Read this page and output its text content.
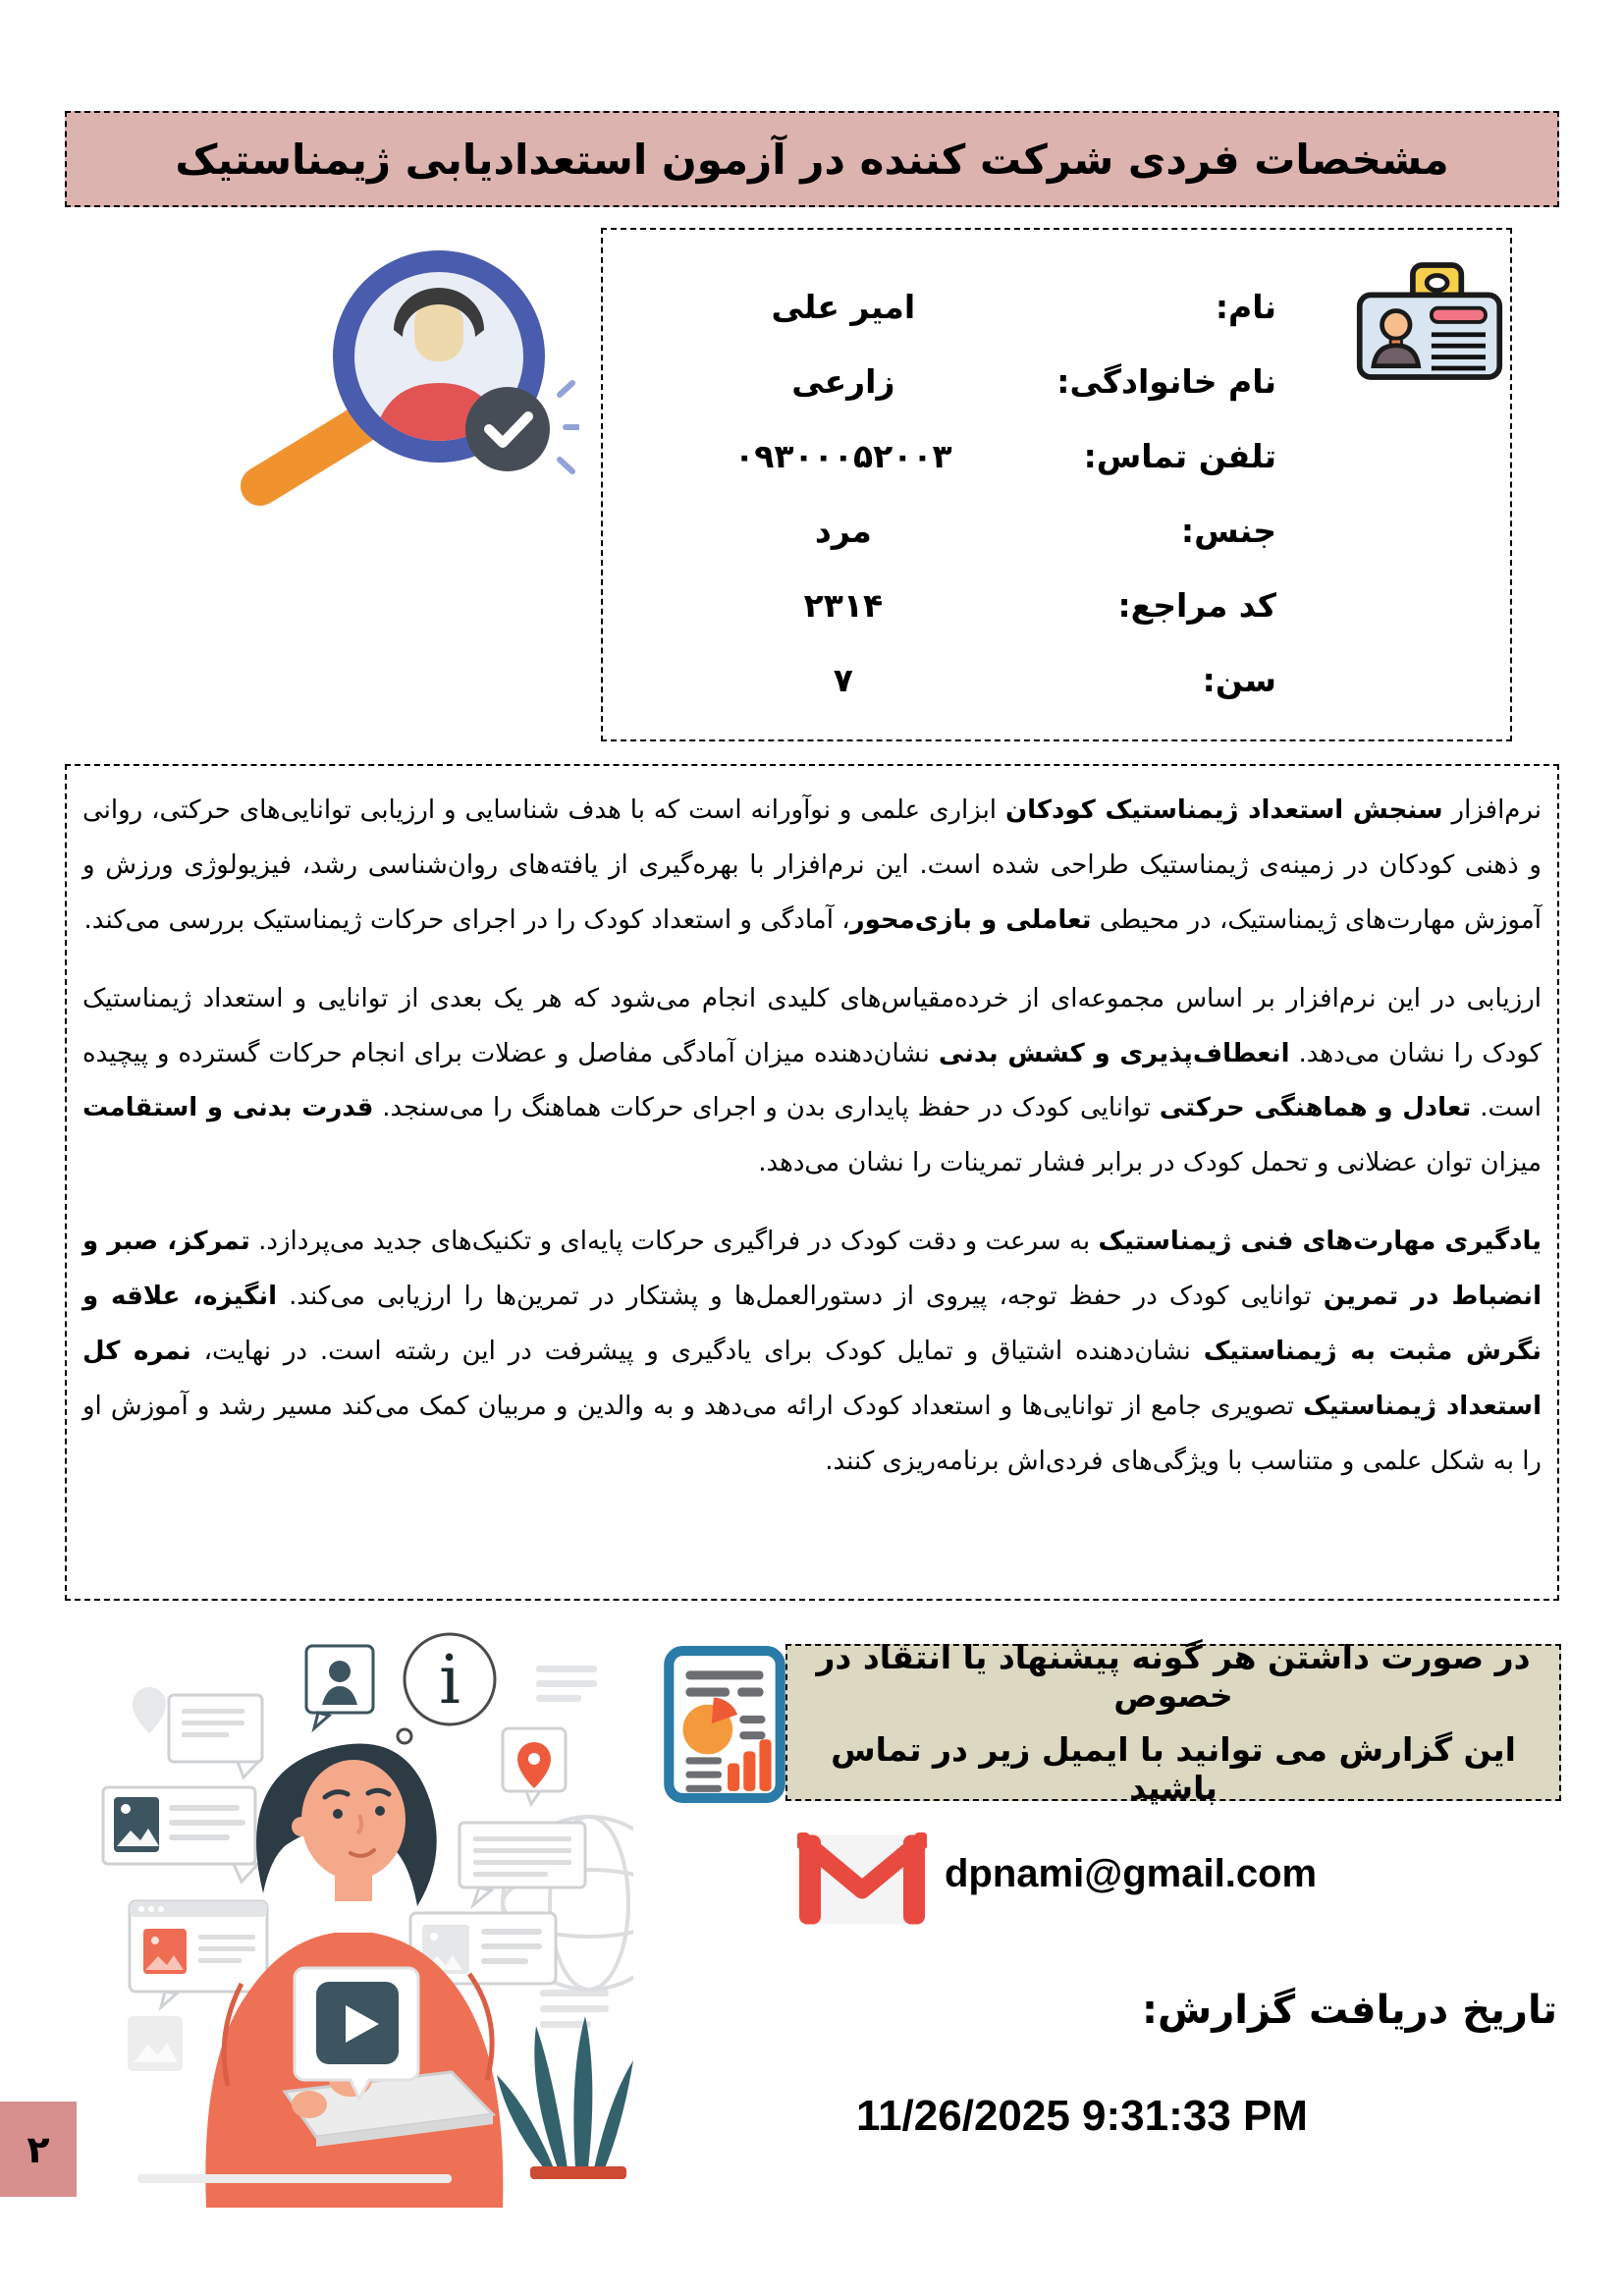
مشخصات فردی شرکت کننده در آزمون استعدادیابی ژیمناستیک
نام:
امیر علی
نام خانوادگی:
زارعی
تلفن تماس:
۰۹۳۰۰۰۵۲۰۰۳
جنس:
مرد
کد مراجع:
۲۳۱۴
سن:
۷

نرم‌افزار سنجش استعداد ژیمناستیک کودکان ابزاری علمی و نوآورانه است که با هدف شناسایی و ارزیابی توانایی‌های حرکتی، روانی و ذهنی کودکان در زمینه‌ی ژیمناستیک طراحی شده است. این نرم‌افزار با بهره‌گیری از یافته‌های روان‌شناسی رشد، فیزیولوژی ورزش و آموزش مهارت‌های ژیمناستیک، در محیطی تعاملی و بازی‌محور، آمادگی و استعداد کودک را در اجرای حرکات ژیمناستیک بررسی می‌کند.

ارزیابی در این نرم‌افزار بر اساس مجموعه‌ای از خرده‌مقیاس‌های کلیدی انجام می‌شود که هر یک بعدی از توانایی و استعداد ژیمناستیک کودک را نشان می‌دهد. انعطاف‌پذیری و کشش بدنی نشان‌دهنده میزان آمادگی مفاصل و عضلات برای انجام حرکات گسترده و پیچیده است. تعادل و هماهنگی حرکتی توانایی کودک در حفظ پایداری بدن و اجرای حرکات هماهنگ را می‌سنجد. قدرت بدنی و استقامت میزان توان عضلانی و تحمل کودک در برابر فشار تمرینات را نشان می‌دهد.

یادگیری مهارت‌های فنی ژیمناستیک به سرعت و دقت کودک در فراگیری حرکات پایه‌ای و تکنیک‌های جدید می‌پردازد. تمرکز، صبر و انضباط در تمرین توانایی کودک در حفظ توجه، پیروی از دستورالعمل‌ها و پشتکار در تمرین‌ها را ارزیابی می‌کند. انگیزه، علاقه و نگرش مثبت به ژیمناستیک نشان‌دهنده اشتیاق و تمایل کودک برای یادگیری و پیشرفت در این رشته است. در نهایت، نمره کل استعداد ژیمناستیک تصویری جامع از توانایی‌ها و استعداد کودک ارائه می‌دهد و به والدین و مربیان کمک می‌کند مسیر رشد و آموزش او را به شکل علمی و متناسب با ویژگی‌های فردی‌اش برنامه‌ریزی کنند.

i	در صورت داشتن هر گونه پیشنهاد یا انتقاد در خصوص
این گزارش می توانید با ایمیل زیر در تماس باشید
dpnami@gmail.com
تاریخ دریافت گزارش:
11/26/2025 9:31:33 PM
۲
